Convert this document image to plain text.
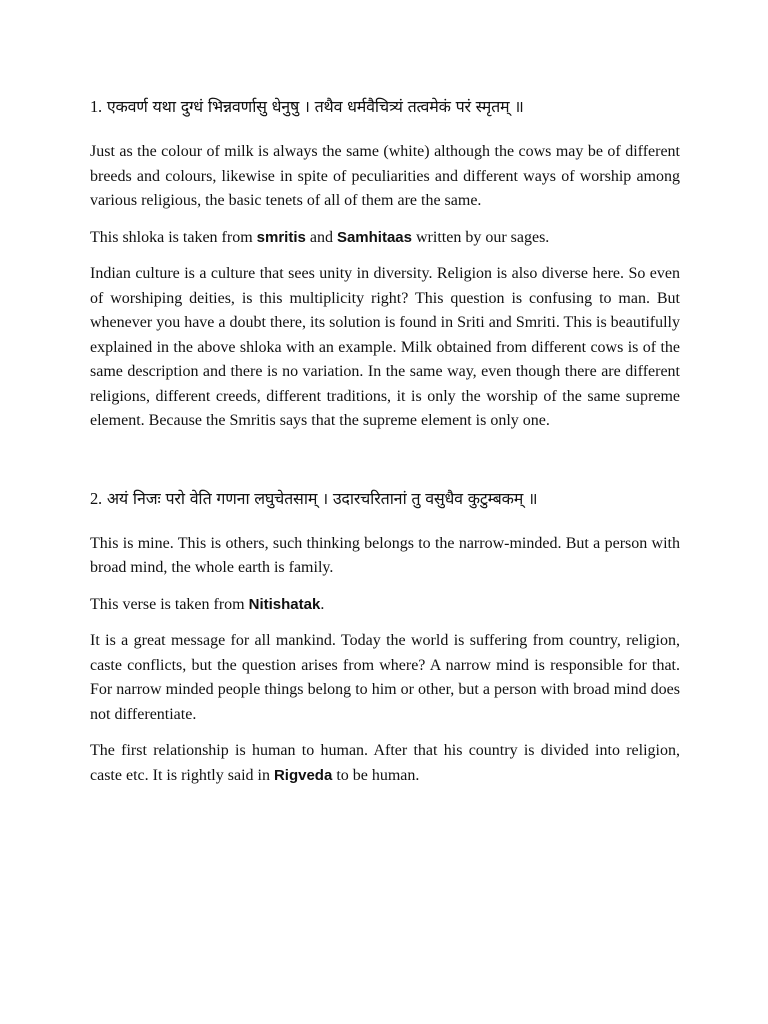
1. एकवर्ण यथा दुग्धं भिन्नवर्णासु धेनुषु । तथैव धर्मवैचित्र्यं तत्वमेकं परं स्मृतम् ॥

Just as the colour of milk is always the same (white) although the cows may be of different breeds and colours, likewise in spite of peculiarities and different ways of worship among various religious, the basic tenets of all of them are the same.

This shloka is taken from smritis and Samhitaas written by our sages.

Indian culture is a culture that sees unity in diversity. Religion is also diverse here. So even of worshiping deities, is this multiplicity right? This question is confusing to man. But whenever you have a doubt there, its solution is found in Sriti and Smriti. This is beautifully explained in the above shloka with an example. Milk obtained from different cows is of the same description and there is no variation. In the same way, even though there are different religions, different creeds, different traditions, it is only the worship of the same supreme element. Because the Smritis says that the supreme element is only one.

2. अयं निजः परो वेति गणना लघुचेतसाम् । उदारचरितानां तु वसुधैव कुटुम्बकम् ॥

This is mine. This is others, such thinking belongs to the narrow-minded. But a person with broad mind, the whole earth is family.

This verse is taken from Nitishatak.

It is a great message for all mankind. Today the world is suffering from country, religion, caste conflicts, but the question arises from where? A narrow mind is responsible for that. For narrow minded people things belong to him or other, but a person with broad mind does not differentiate.

The first relationship is human to human. After that his country is divided into religion, caste etc. It is rightly said in Rigveda to be human.
